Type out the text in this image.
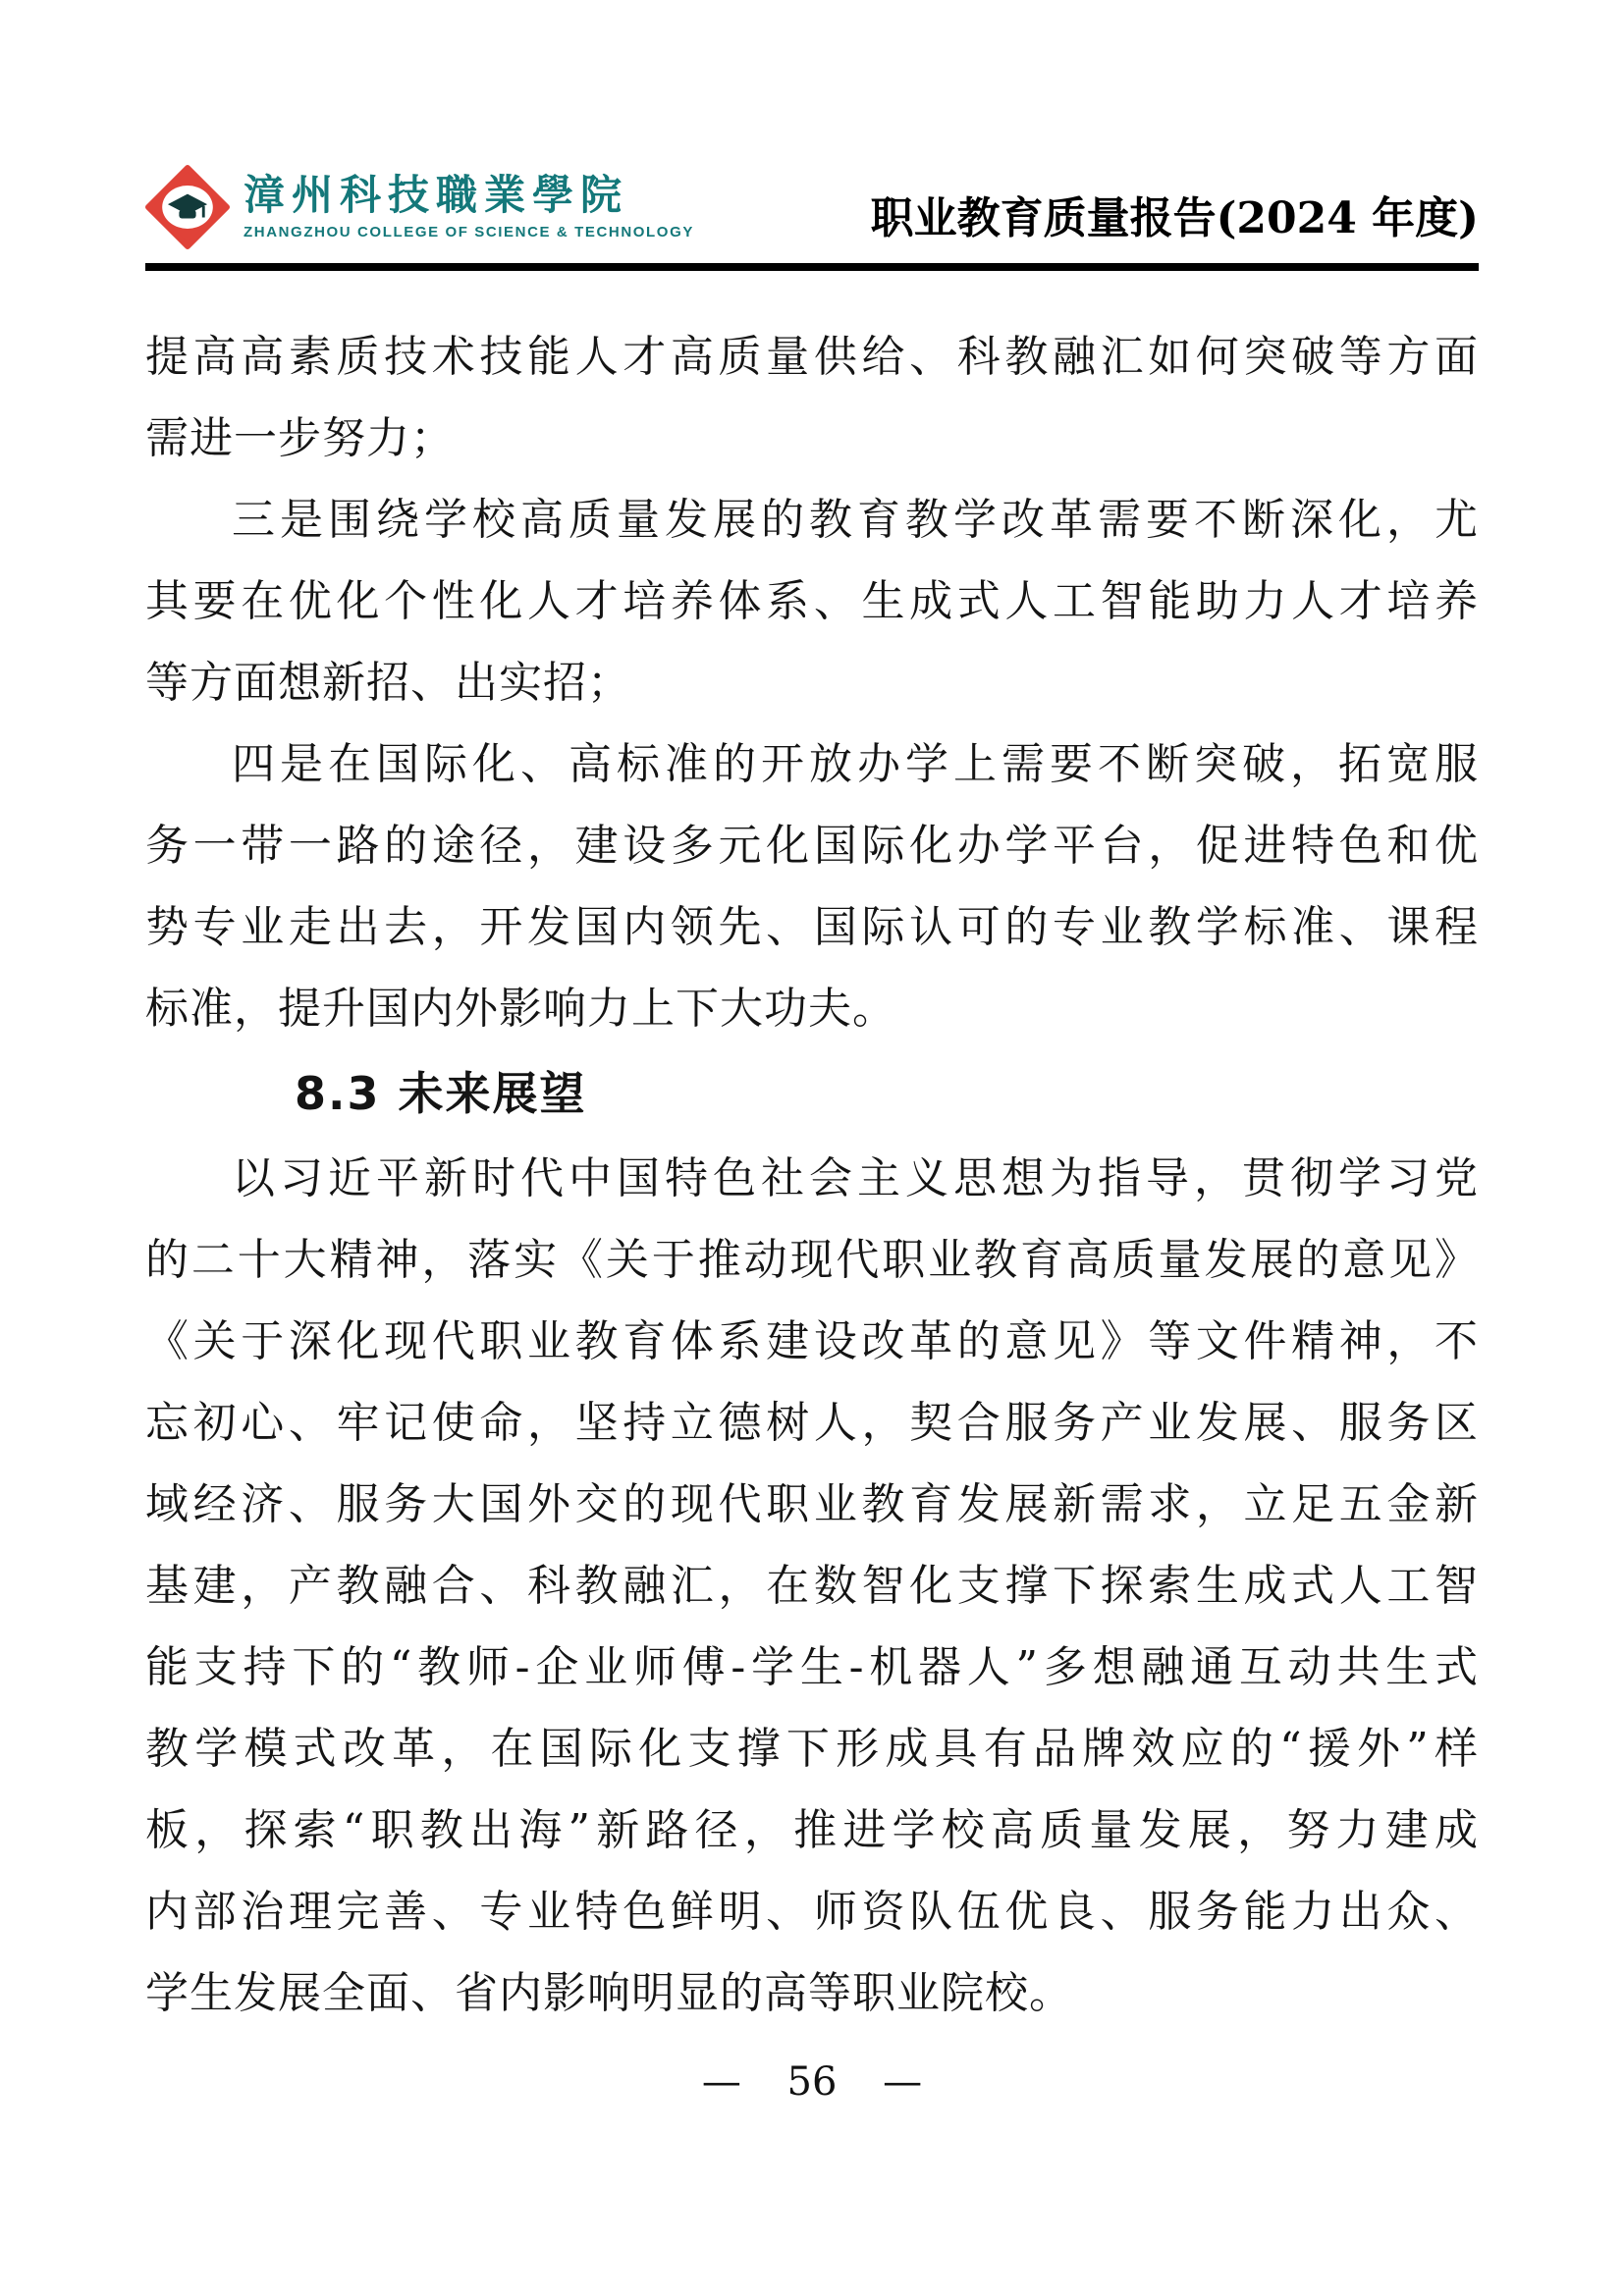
漳州科技職業學院
ZHANGZHOU COLLEGE OF SCIENCE & TECHNOLOGY	职业教育质量报告(2024 年度)
提高高素质技术技能人才高质量供给、科教融汇如何突破等方面
需进一步努力；
三是围绕学校高质量发展的教育教学改革需要不断深化，尤
其要在优化个性化人才培养体系、生成式人工智能助力人才培养
等方面想新招、出实招；
四是在国际化、高标准的开放办学上需要不断突破，拓宽服
务一带一路的途径，建设多元化国际化办学平台，促进特色和优
势专业走出去，开发国内领先、国际认可的专业教学标准、课程
标准，提升国内外影响力上下大功夫。
8.3 未来展望
以习近平新时代中国特色社会主义思想为指导，贯彻学习党
的二十大精神，落实《关于推动现代职业教育高质量发展的意见》
《关于深化现代职业教育体系建设改革的意见》等文件精神，不
忘初心、牢记使命，坚持立德树人，契合服务产业发展、服务区
域经济、服务大国外交的现代职业教育发展新需求，立足五金新
基建，产教融合、科教融汇，在数智化支撑下探索生成式人工智
能支持下的“教师-企业师傅-学生-机器人”多想融通互动共生式
教学模式改革，在国际化支撑下形成具有品牌效应的“援外”样
板，探索“职教出海”新路径，推进学校高质量发展，努力建成
内部治理完善、专业特色鲜明、师资队伍优良、服务能力出众、
学生发展全面、省内影响明显的高等职业院校。
— 56 —
